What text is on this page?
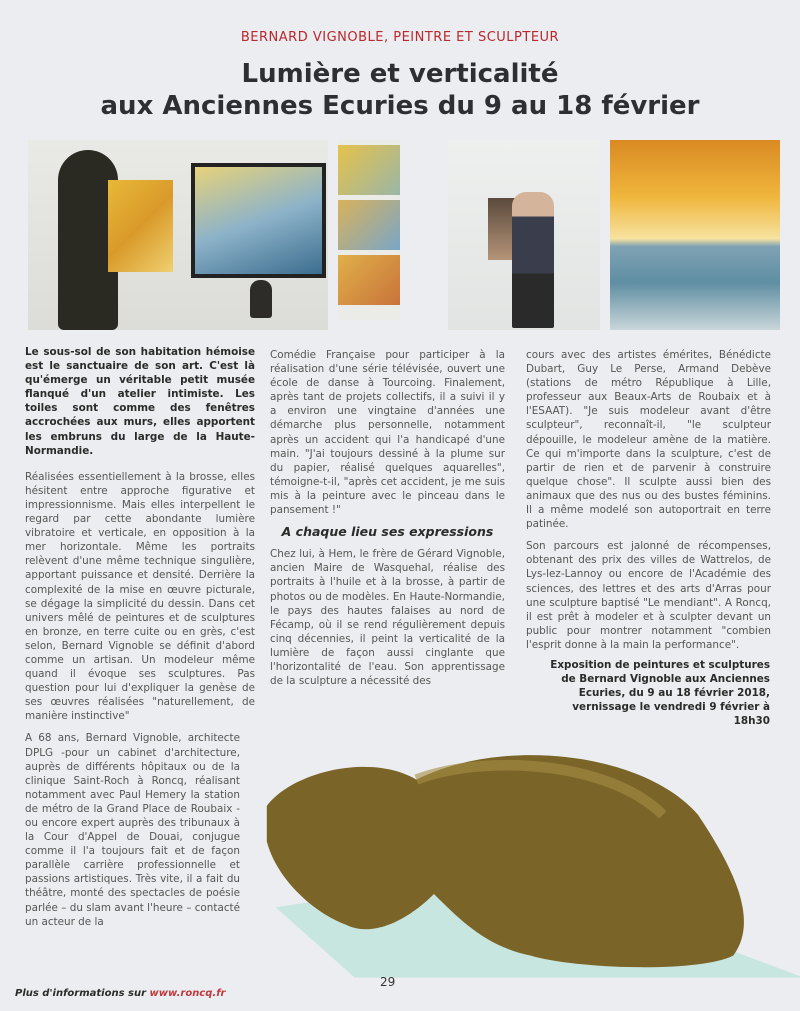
BERNARD VIGNOBLE, PEINTRE ET SCULPTEUR
Lumière et verticalité
aux Anciennes Ecuries du 9 au 18 février

Le sous-sol de son habitation hémoise est le sanctuaire de son art. C'est là qu'émerge un véritable petit musée flanqué d'un atelier intimiste. Les toiles sont comme des fenêtres accrochées aux murs, elles apportent les embruns du large de la Haute-Normandie.

Réalisées essentiellement à la brosse, elles hésitent entre approche figurative et impressionnisme. Mais elles interpellent le regard par cette abondante lumière vibratoire et verticale, en opposition à la mer horizontale. Même les portraits relèvent d'une même technique singulière, apportant puissance et densité. Derrière la complexité de la mise en œuvre picturale, se dégage la simplicité du dessin. Dans cet univers mêlé de peintures et de sculptures en bronze, en terre cuite ou en grès, c'est selon, Bernard Vignoble se définit d'abord comme un artisan. Un modeleur même quand il évoque ses sculptures. Pas question pour lui d'expliquer la genèse de ses œuvres réalisées "naturellement, de manière instinctive"

A 68 ans, Bernard Vignoble, architecte DPLG -pour un cabinet d'architecture, auprès de différents hôpitaux ou de la clinique Saint-Roch à Roncq, réalisant notamment avec Paul Hemery la station de métro de la Grand Place de Roubaix - ou encore expert auprès des tribunaux à la Cour d'Appel de Douai, conjugue comme il l'a toujours fait et de façon parallèle carrière professionnelle et passions artistiques. Très vite, il a fait du théâtre, monté des spectacles de poésie parlée – du slam avant l'heure – contacté un acteur de la

Comédie Française pour participer à la réalisation d'une série télévisée, ouvert une école de danse à Tourcoing. Finalement, après tant de projets collectifs, il a suivi il y a environ une vingtaine d'années une démarche plus personnelle, notamment après un accident qui l'a handicapé d'une main. "J'ai toujours dessiné à la plume sur du papier, réalisé quelques aquarelles", témoigne-t-il, "après cet accident, je me suis mis à la peinture avec le pinceau dans le pansement !"

A chaque lieu ses expressions

Chez lui, à Hem, le frère de Gérard Vignoble, ancien Maire de Wasquehal, réalise des portraits à l'huile et à la brosse, à partir de photos ou de modèles. En Haute-Normandie, le pays des hautes falaises au nord de Fécamp, où il se rend régulièrement depuis cinq décennies, il peint la verticalité de la lumière de façon aussi cinglante que l'horizontalité de l'eau. Son apprentissage de la sculpture a nécessité des

cours avec des artistes émérites, Bénédicte Dubart, Guy Le Perse, Armand Debève (stations de métro République à Lille, professeur aux Beaux-Arts de Roubaix et à l'ESAAT). "Je suis modeleur avant d'être sculpteur", reconnaît-il, "le sculpteur dépouille, le modeleur amène de la matière. Ce qui m'importe dans la sculpture, c'est de partir de rien et de parvenir à construire quelque chose". Il sculpte aussi bien des animaux que des nus ou des bustes féminins. Il a même modelé son autoportrait en terre patinée.

Son parcours est jalonné de récompenses, obtenant des prix des villes de Wattrelos, de Lys-lez-Lannoy ou encore de l'Académie des sciences, des lettres et des arts d'Arras pour une sculpture baptisé "Le mendiant". A Roncq, il est prêt à modeler et à sculpter devant un public pour montrer notamment "combien l'esprit donne à la main la performance".

Exposition de peintures et sculptures de Bernard Vignoble aux Anciennes Ecuries, du 9 au 18 février 2018, vernissage le vendredi 9 février à 18h30
Plus d'informations sur www.roncq.fr
29
